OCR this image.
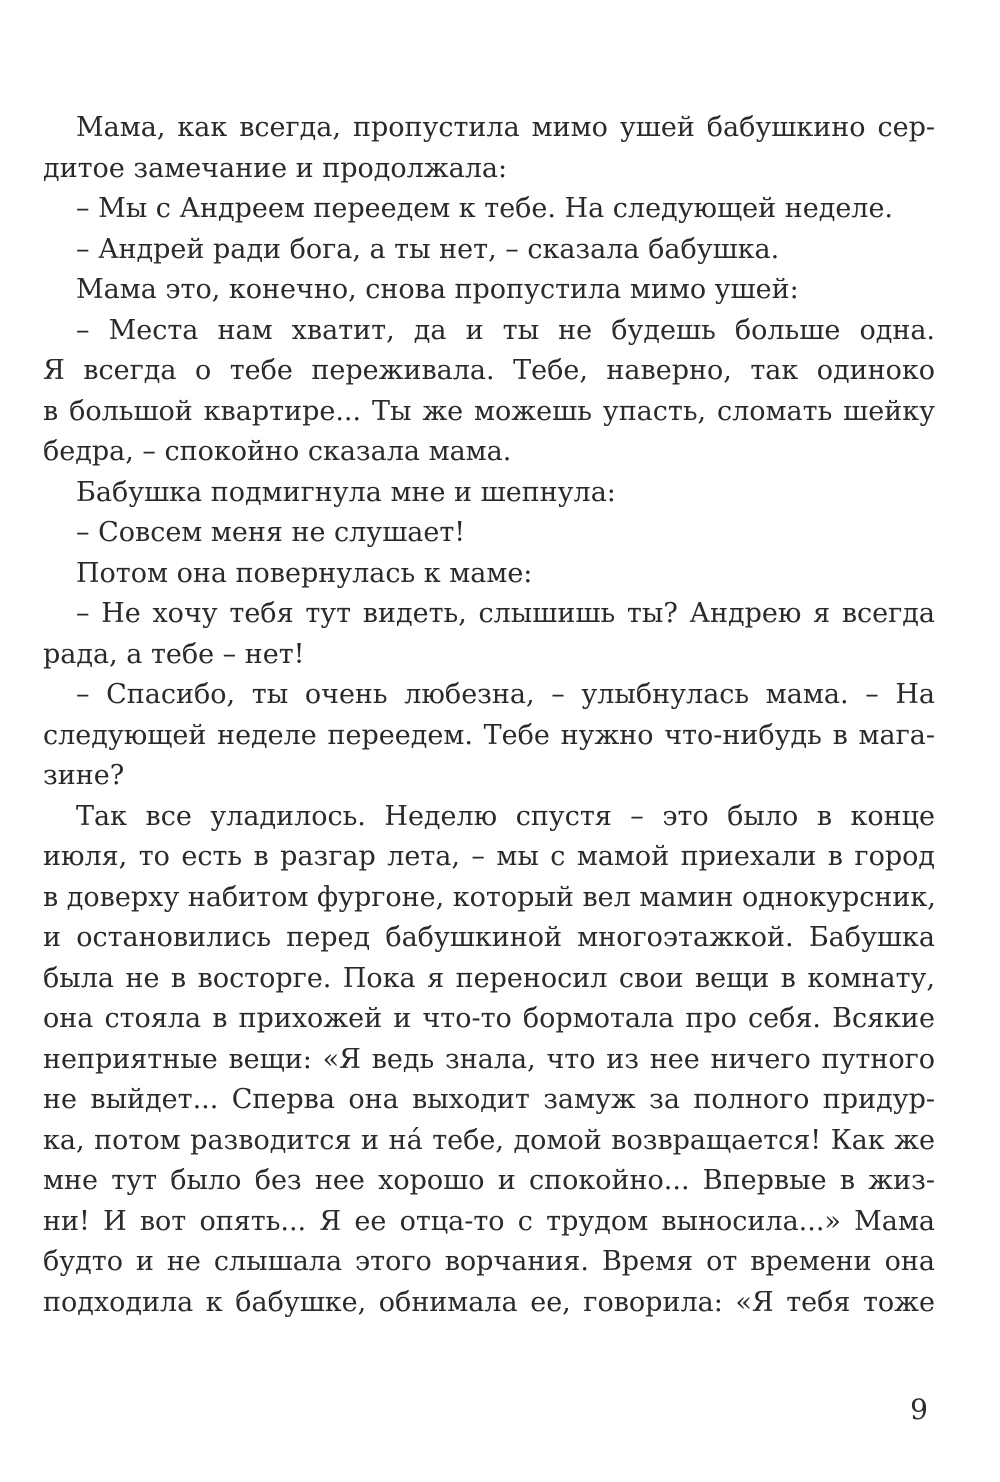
Мама, как всегда, пропустила мимо ушей бабушкино сер-
дитое замечание и продолжала:
– Мы с Андреем переедем к тебе. На следующей неделе.
– Андрей ради бога, а ты нет, – сказала бабушка.
Мама это, конечно, снова пропустила мимо ушей:
– Места нам хватит, да и ты не будешь больше одна.
Я всегда о тебе переживала. Тебе, наверно, так одиноко
в большой квартире... Ты же можешь упасть, сломать шейку
бедра, – спокойно сказала мама.
Бабушка подмигнула мне и шепнула:
– Совсем меня не слушает!
Потом она повернулась к маме:
– Не хочу тебя тут видеть, слышишь ты? Андрею я всегда
рада, а тебе – нет!
– Спасибо, ты очень любезна, – улыбнулась мама. – На
следующей неделе переедем. Тебе нужно что-нибудь в мага-
зине?
Так все уладилось. Неделю спустя – это было в конце
июля, то есть в разгар лета, – мы с мамой приехали в город
в доверху набитом фургоне, который вел мамин однокурсник,
и остановились перед бабушкиной многоэтажкой. Бабушка
была не в восторге. Пока я переносил свои вещи в комнату,
она стояла в прихожей и что-то бормотала про себя. Всякие
неприятные вещи: «Я ведь знала, что из нее ничего путного
не выйдет... Сперва она выходит замуж за полного придур-
ка, потом разводится и на́ тебе, домой возвращается! Как же
мне тут было без нее хорошо и спокойно... Впервые в жиз-
ни! И вот опять... Я ее отца-то с трудом выносила...» Мама
будто и не слышала этого ворчания. Время от времени она
подходила к бабушке, обнимала ее, говорила: «Я тебя тоже
9
